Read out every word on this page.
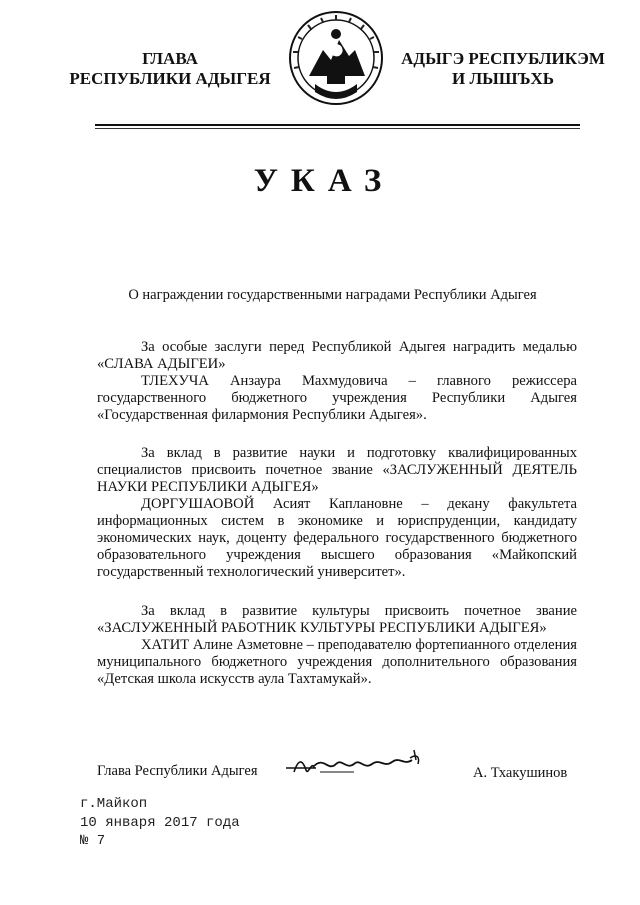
ГЛАВА
РЕСПУБЛИКИ АДЫГЕЯ
АДЫГЭ РЕСПУБЛИКЭМ
И ЛЫШЪХЬ
УКАЗ
О награждении государственными наградами Республики Адыгея

За особые заслуги перед Республикой Адыгея наградить медалью «СЛАВА АДЫГЕИ»

ТЛЕХУЧА Анзаура Махмудовича – главного режиссера государственного бюджетного учреждения Республики Адыгея «Государственная филармония Республики Адыгея».

За вклад в развитие науки и подготовку квалифицированных специалистов присвоить почетное звание «ЗАСЛУЖЕННЫЙ ДЕЯТЕЛЬ НАУКИ РЕСПУБЛИКИ АДЫГЕЯ»

ДОРГУШАОВОЙ Асият Каплановне – декану факультета информационных систем в экономике и юриспруденции, кандидату экономических наук, доценту федерального государственного бюджетного образовательного учреждения высшего образования «Майкопский государственный технологический университет».

За вклад в развитие культуры присвоить почетное звание «ЗАСЛУЖЕННЫЙ РАБОТНИК КУЛЬТУРЫ РЕСПУБЛИКИ АДЫГЕЯ»

ХАТИТ Алине Азметовне – преподавателю фортепианного отделения муниципального бюджетного учреждения дополнительного образования «Детская школа искусств аула Тахтамукай».

Глава Республики Адыгея	А. Тхакушинов
г.Майкоп
10 января 2017 года
№ 7
